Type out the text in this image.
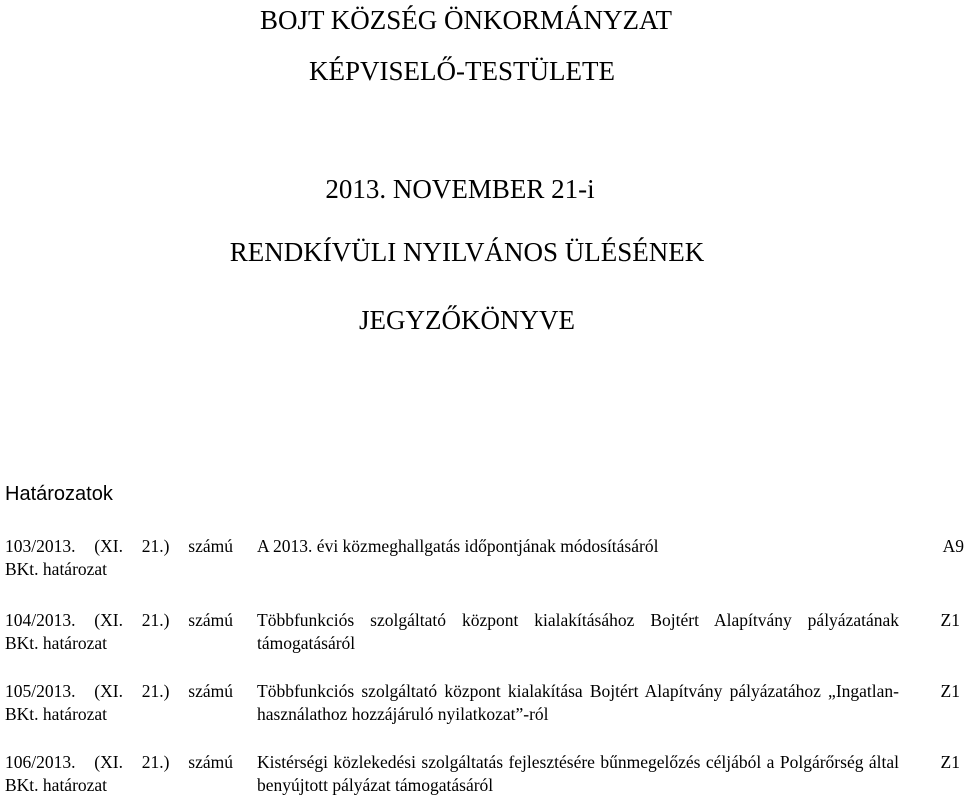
BOJT KÖZSÉG ÖNKORMÁNYZAT
KÉPVISELŐ-TESTÜLETE
2013. NOVEMBER 21-i
RENDKÍVÜLI NYILVÁNOS ÜLÉSÉNEK
JEGYZŐKÖNYVE
Határozatok
103/2013. (XI. 21.) számú
BKt. határozat
A 2013. évi közmeghallgatás időpontjának módosításáról	A9
104/2013. (XI. 21.) számú
BKt. határozat
Többfunkciós szolgáltató központ kialakításához Bojtért Alapítvány pályázatának támogatásáról
Z1
105/2013. (XI. 21.) számú
BKt. határozat
Többfunkciós szolgáltató központ kialakítása Bojtért Alapítvány pályázatához „Ingatlan-használathoz hozzájáruló nyilatkozat”-ról
Z1
106/2013. (XI. 21.) számú
BKt. határozat
Kistérségi közlekedési szolgáltatás fejlesztésére bűnmegelőzés céljából a Polgárőrség által benyújtott pályázat támogatásáról
Z1
